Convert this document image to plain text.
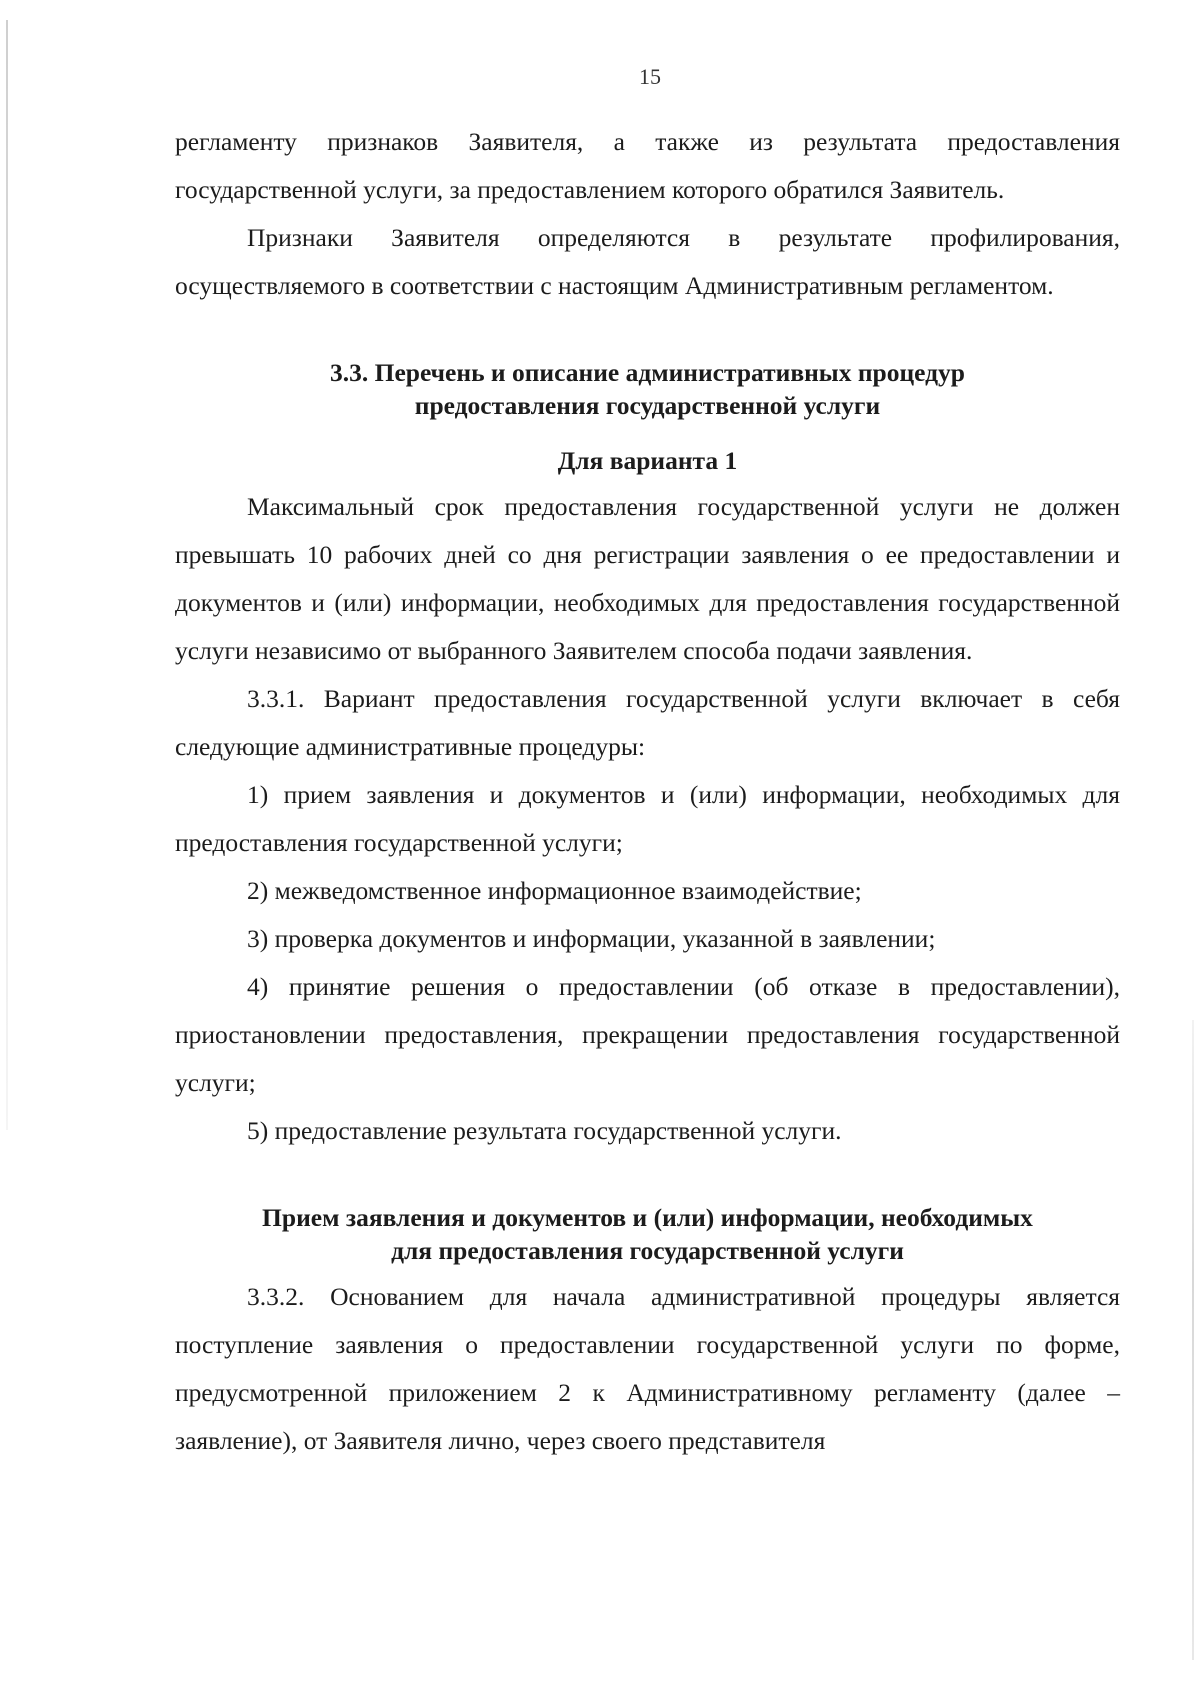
15

регламенту признаков Заявителя, а также из результата предоставления государственной услуги, за предоставлением которого обратился Заявитель.

Признаки Заявителя определяются в результате профилирования, осуществляемого в соответствии с настоящим Административным регламентом.

3.3. Перечень и описание административных процедур
предоставления государственной услуги
Для варианта 1

Максимальный срок предоставления государственной услуги не должен превышать 10 рабочих дней со дня регистрации заявления о ее предоставлении и документов и (или) информации, необходимых для предоставления государственной услуги независимо от выбранного Заявителем способа подачи заявления.

3.3.1. Вариант предоставления государственной услуги включает в себя следующие административные процедуры:

1) прием заявления и документов и (или) информации, необходимых для предоставления государственной услуги;

2) межведомственное информационное взаимодействие;

3) проверка документов и информации, указанной в заявлении;

4) принятие решения о предоставлении (об отказе в предоставлении), приостановлении предоставления, прекращении предоставления государственной услуги;

5) предоставление результата государственной услуги.

Прием заявления и документов и (или) информации, необходимых
для предоставления государственной услуги

3.3.2. Основанием для начала административной процедуры является поступление заявления о предоставлении государственной услуги по форме, предусмотренной приложением 2 к Административному регламенту (далее – заявление), от Заявителя лично, через своего представителя
